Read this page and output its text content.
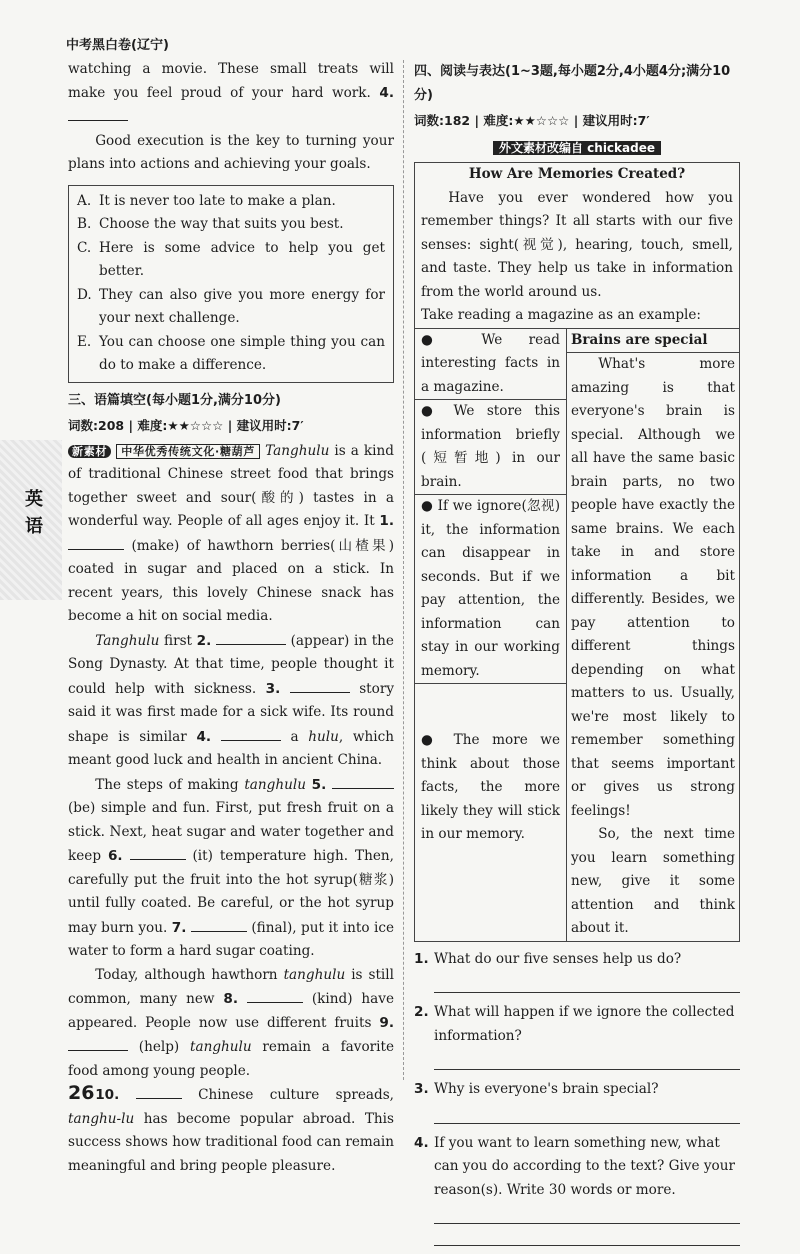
中考黑白卷(辽宁)
英
语

watching a movie. These small treats will make you feel proud of your hard work. 4.

Good execution is the key to turning your plans into actions and achieving your goals.

A. It is never too late to make a plan.
B. Choose the way that suits you best.
C. Here is some advice to help you get better.
D. They can also give you more energy for your next challenge.
E. You can choose one simple thing you can do to make a difference.
三、语篇填空(每小题1分,满分10分)
词数:208 | 难度:★★☆☆☆ | 建议用时:7′

新素材 中华优秀传统文化·糖葫芦 Tanghulu is a kind of traditional Chinese street food that brings together sweet and sour(酸的) tastes in a wonderful way. People of all ages enjoy it. It 1.  (make) of hawthorn berries(山楂果) coated in sugar and placed on a stick. In recent years, this lovely Chinese snack has become a hit on social media.

Tanghulu first 2.	(appear) in the Song Dynasty. At that time, people thought it could help with sickness. 3.	story said it was first made for a sick wife. Its round shape is similar 4.	a hulu, which meant good luck and health in ancient China.

The steps of making tanghulu 5.  (be) simple and fun. First, put fresh fruit on a stick. Next, heat sugar and water together and keep 6.	(it) temperature high. Then, carefully put the fruit into the hot syrup(糖浆) until fully coated. Be careful, or the hot syrup may burn you. 7.	(final), put it into ice water to form a hard sugar coating.

Today, although hawthorn tanghulu is still common, many new 8.	(kind) have appeared. People now use different fruits 9.  (help) tanghulu remain a favorite food among young people.

10.	Chinese culture spreads, tanghu-lu has become popular abroad. This success shows how traditional food can remain meaningful and bring people pleasure.

四、阅读与表达(1~3题,每小题2分,4小题4分;满分10分)
词数:182 | 难度:★★☆☆☆ | 建议用时:7′
外文素材改编自 chickadee
How Are Memories Created?
Have you ever wondered how you remember things? It all starts with our five senses: sight(视觉), hearing, touch, smell, and taste. They help us take in information from the world around us.
Take reading a magazine as an example:
● We read interesting facts in a magazine.
● We store this information briefly (短暂地) in our brain.
● If we ignore(忽视) it, the information can disappear in seconds. But if we pay attention, the information can stay in our working memory.
● The more we think about those facts, the more likely they will stick in our memory.
Brains are special
What's more amazing is that everyone's brain is special. Although we all have the same basic brain parts, no two people have exactly the same brains. We each take in and store information a bit differently. Besides, we pay attention to different things depending on what matters to us. Usually, we're most likely to remember something that seems important or gives us strong feelings!
So, the next time you learn something new, give it some attention and think about it.
1. What do our five senses help us do?
2. What will happen if we ignore the collected information?
3. Why is everyone's brain special?
4. If you want to learn something new, what can you do according to the text? Give your reason(s). Write 30 words or more.
26
